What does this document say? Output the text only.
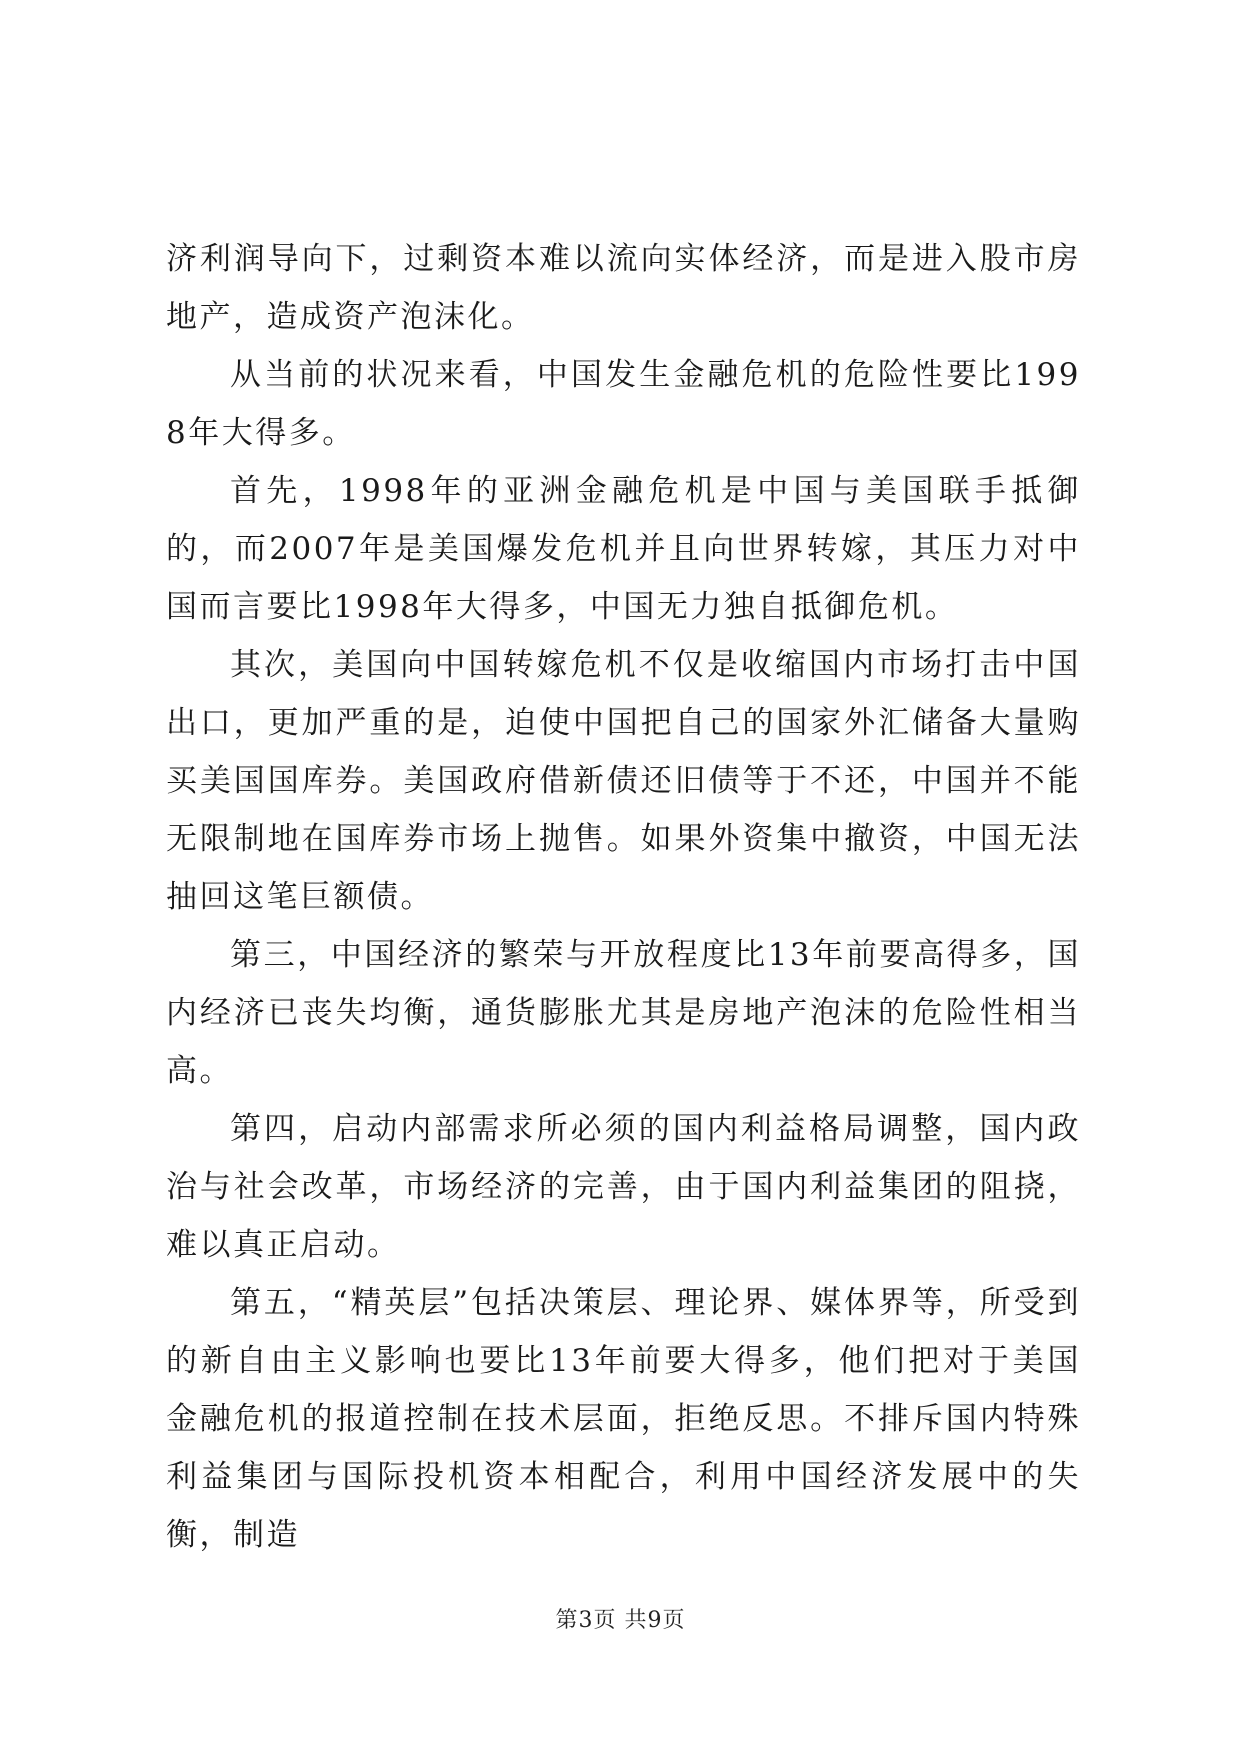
济利润导向下，过剩资本难以流向实体经济，而是进入股市房地产，造成资产泡沫化。

从当前的状况来看，中国发生金融危机的危险性要比1998年大得多。

首先，1998年的亚洲金融危机是中国与美国联手抵御的，而2007年是美国爆发危机并且向世界转嫁，其压力对中国而言要比1998年大得多，中国无力独自抵御危机。

其次，美国向中国转嫁危机不仅是收缩国内市场打击中国出口，更加严重的是，迫使中国把自己的国家外汇储备大量购买美国国库券。美国政府借新债还旧债等于不还，中国并不能无限制地在国库券市场上抛售。如果外资集中撤资，中国无法抽回这笔巨额债。

第三，中国经济的繁荣与开放程度比13年前要高得多，国内经济已丧失均衡，通货膨胀尤其是房地产泡沫的危险性相当高。

第四，启动内部需求所必须的国内利益格局调整，国内政治与社会改革，市场经济的完善，由于国内利益集团的阻挠，难以真正启动。

第五，“精英层”包括决策层、理论界、媒体界等，所受到的新自由主义影响也要比13年前要大得多，他们把对于美国金融危机的报道控制在技术层面，拒绝反思。不排斥国内特殊利益集团与国际投机资本相配合，利用中国经济发展中的失衡，制造

第3页 共9页
